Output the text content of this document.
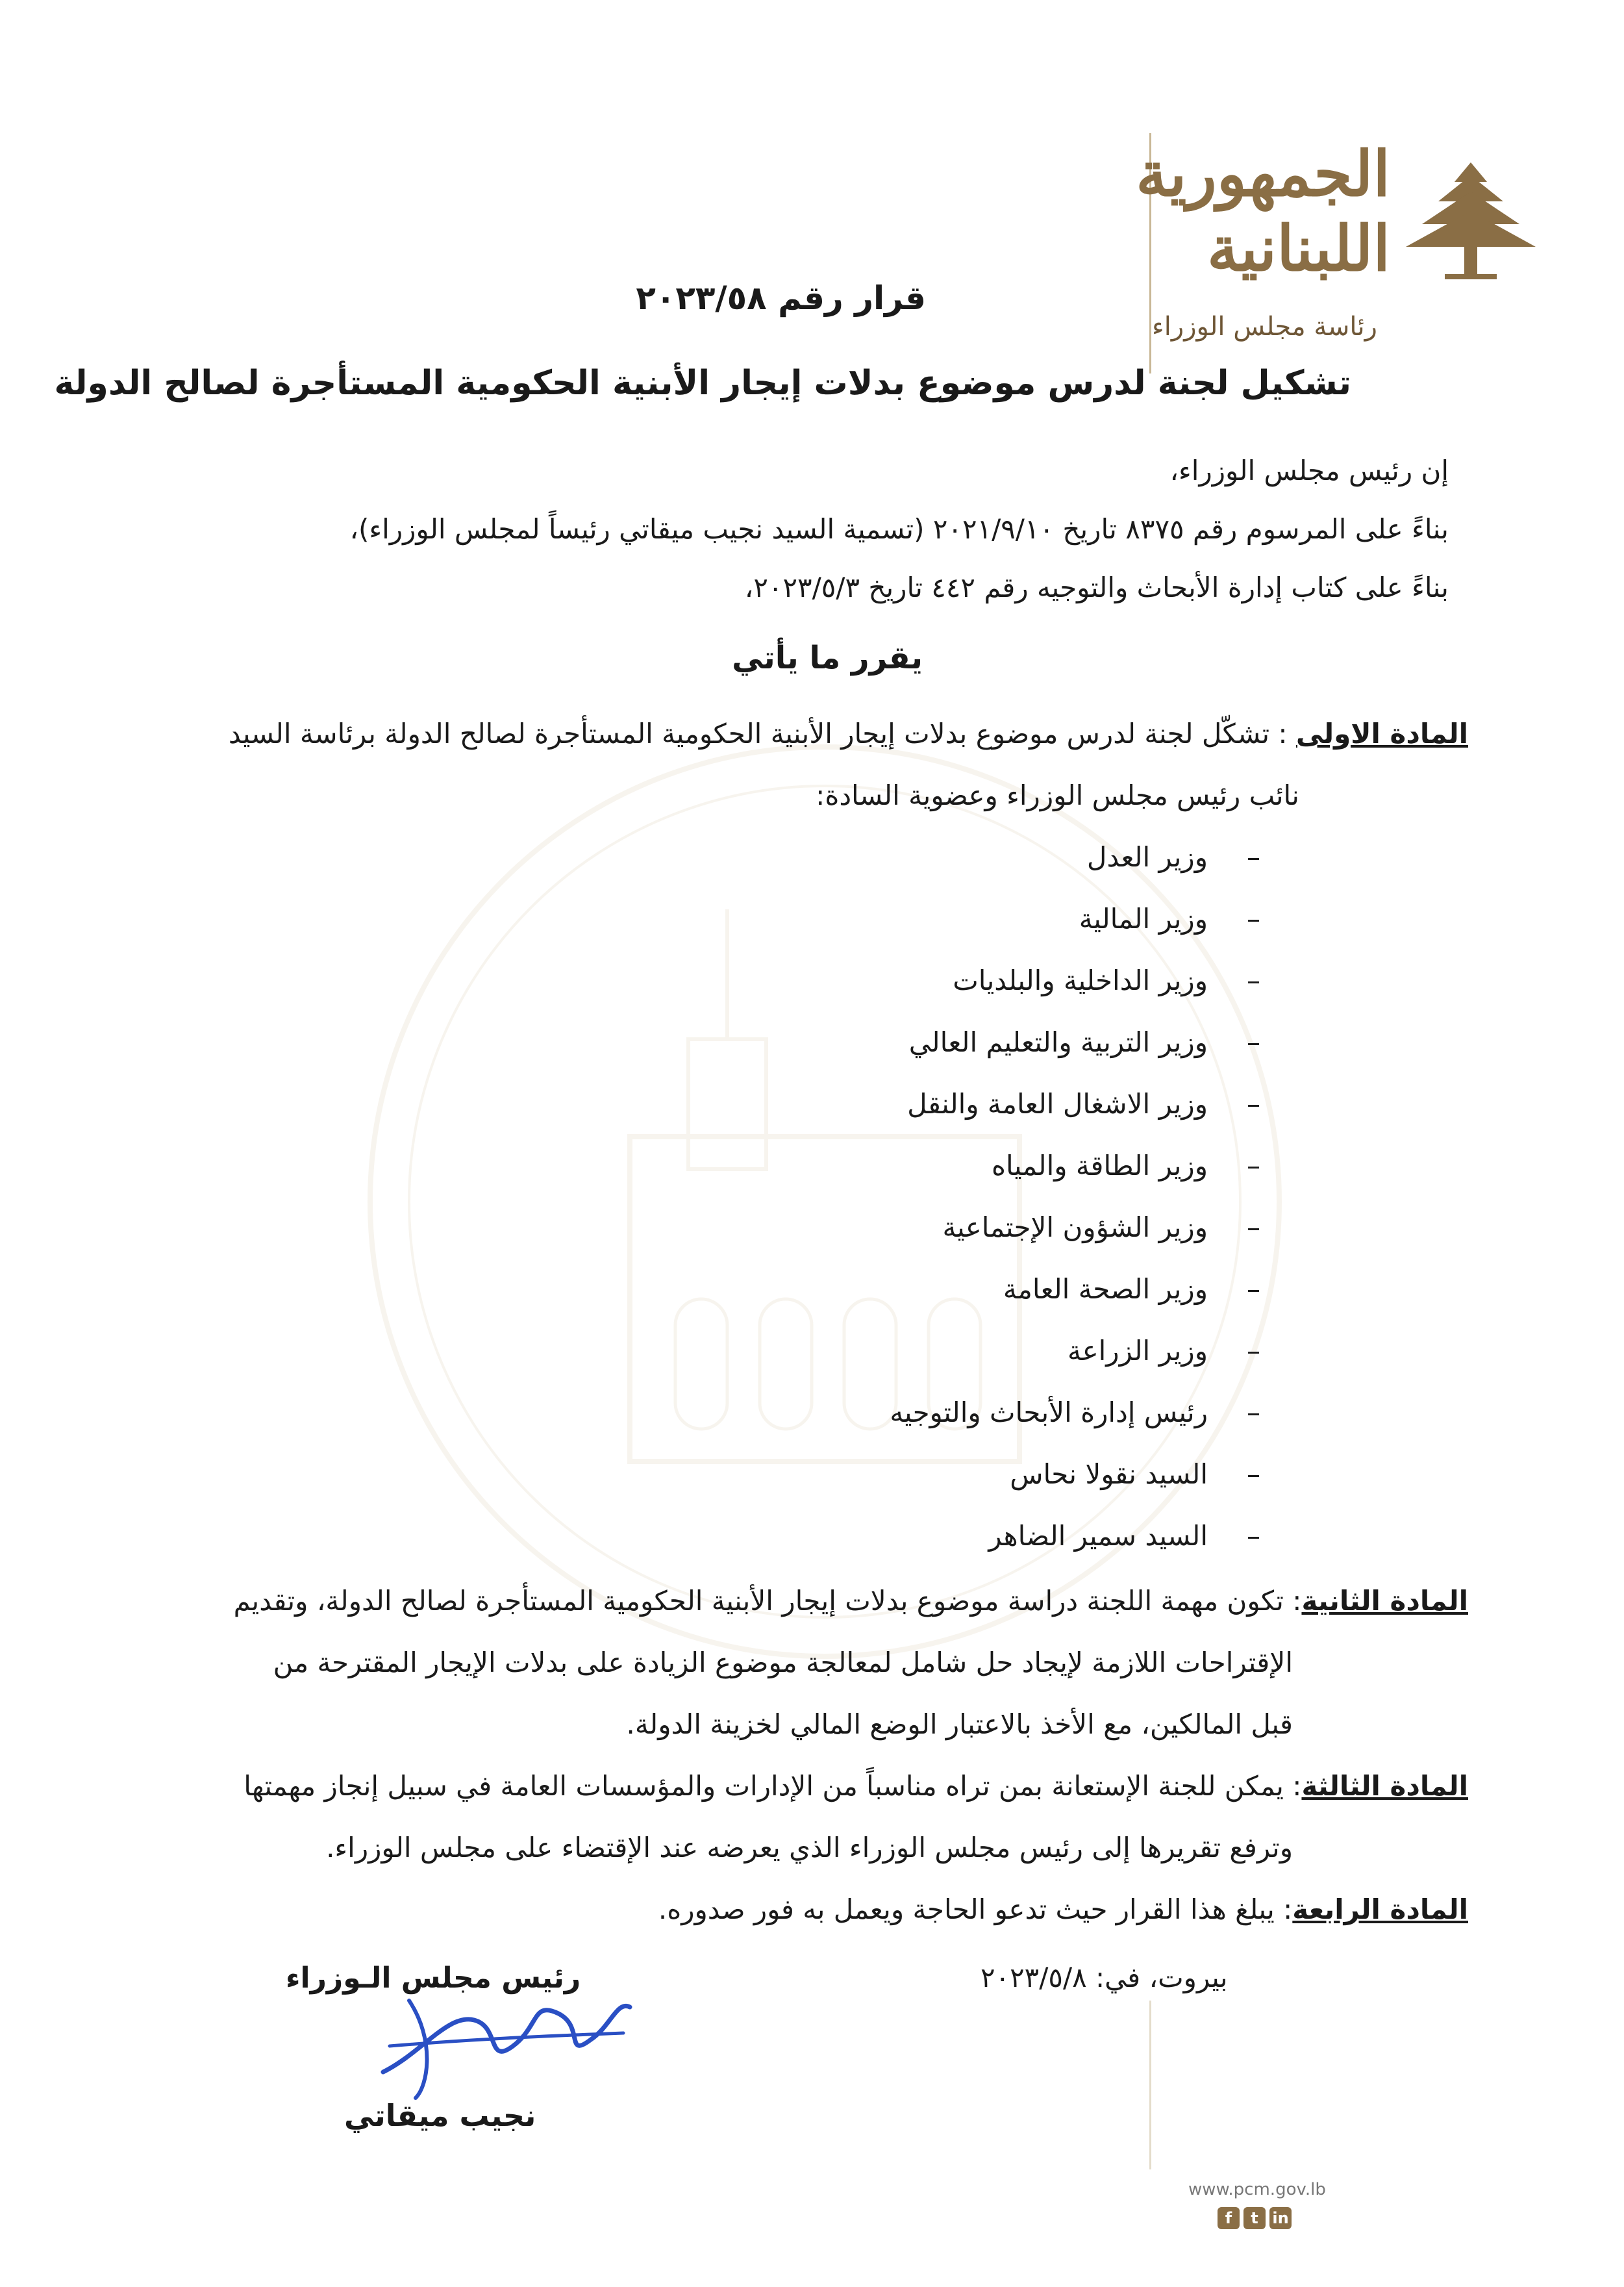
الجمهورية
اللبنانية
رئاسة مجلس الوزراء
قرار رقم ٢٠٢٣/٥٨
تشكيل لجنة لدرس موضوع بدلات إيجار الأبنية الحكومية المستأجرة لصالح الدولة
إن رئيس مجلس الوزراء،
بناءً على المرسوم رقم ٨٣٧٥ تاريخ ٢٠٢١/٩/١٠ (تسمية السيد نجيب ميقاتي رئيساً لمجلس الوزراء)،
بناءً على كتاب إدارة الأبحاث والتوجيه رقم ٤٤٢ تاريخ ٢٠٢٣/٥/٣،
يقرر ما يأتي
المادة الاولى : تشكّل لجنة لدرس موضوع بدلات إيجار الأبنية الحكومية المستأجرة لصالح الدولة برئاسة السيد
نائب رئيس مجلس الوزراء وعضوية السادة:
–وزير العدل
–وزير المالية
–وزير الداخلية والبلديات
–وزير التربية والتعليم العالي
–وزير الاشغال العامة والنقل
–وزير الطاقة والمياه
–وزير الشؤون الإجتماعية
–وزير الصحة العامة
–وزير الزراعة
–رئيس إدارة الأبحاث والتوجيه
–السيد نقولا نحاس
–السيد سمير الضاهر
المادة الثانية: تكون مهمة اللجنة دراسة موضوع بدلات إيجار الأبنية الحكومية المستأجرة لصالح الدولة، وتقديم
الإقتراحات اللازمة لإيجاد حل شامل لمعالجة موضوع الزيادة على بدلات الإيجار المقترحة من
قبل المالكين، مع الأخذ بالاعتبار الوضع المالي لخزينة الدولة.
المادة الثالثة: يمكن للجنة الإستعانة بمن تراه مناسباً من الإدارات والمؤسسات العامة في سبيل إنجاز مهمتها
وترفع تقريرها إلى رئيس مجلس الوزراء الذي يعرضه عند الإقتضاء على مجلس الوزراء.
المادة الرابعة: يبلغ هذا القرار حيث تدعو الحاجة ويعمل به فور صدوره.
بيروت، في: ٢٠٢٣/٥/٨
رئيس مجلس الـوزراء
نجيب ميقاتي
www.pcm.gov.lb
f	t in
